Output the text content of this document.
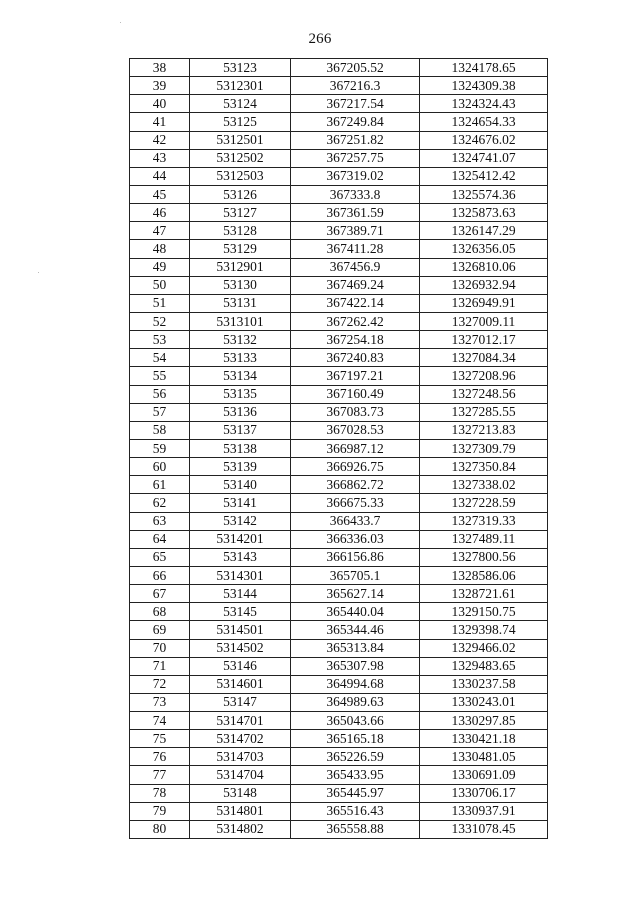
266
38	53123	367205.52	1324178.65
39	5312301	367216.3	1324309.38
40	53124	367217.54	1324324.43
41	53125	367249.84	1324654.33
42	5312501	367251.82	1324676.02
43	5312502	367257.75	1324741.07
44	5312503	367319.02	1325412.42
45	53126	367333.8	1325574.36
46	53127	367361.59	1325873.63
47	53128	367389.71	1326147.29
48	53129	367411.28	1326356.05
49	5312901	367456.9	1326810.06
50	53130	367469.24	1326932.94
51	53131	367422.14	1326949.91
52	5313101	367262.42	1327009.11
53	53132	367254.18	1327012.17
54	53133	367240.83	1327084.34
55	53134	367197.21	1327208.96
56	53135	367160.49	1327248.56
57	53136	367083.73	1327285.55
58	53137	367028.53	1327213.83
59	53138	366987.12	1327309.79
60	53139	366926.75	1327350.84
61	53140	366862.72	1327338.02
62	53141	366675.33	1327228.59
63	53142	366433.7	1327319.33
64	5314201	366336.03	1327489.11
65	53143	366156.86	1327800.56
66	5314301	365705.1	1328586.06
67	53144	365627.14	1328721.61
68	53145	365440.04	1329150.75
69	5314501	365344.46	1329398.74
70	5314502	365313.84	1329466.02
71	53146	365307.98	1329483.65
72	5314601	364994.68	1330237.58
73	53147	364989.63	1330243.01
74	5314701	365043.66	1330297.85
75	5314702	365165.18	1330421.18
76	5314703	365226.59	1330481.05
77	5314704	365433.95	1330691.09
78	53148	365445.97	1330706.17
79	5314801	365516.43	1330937.91
80	5314802	365558.88	1331078.45
